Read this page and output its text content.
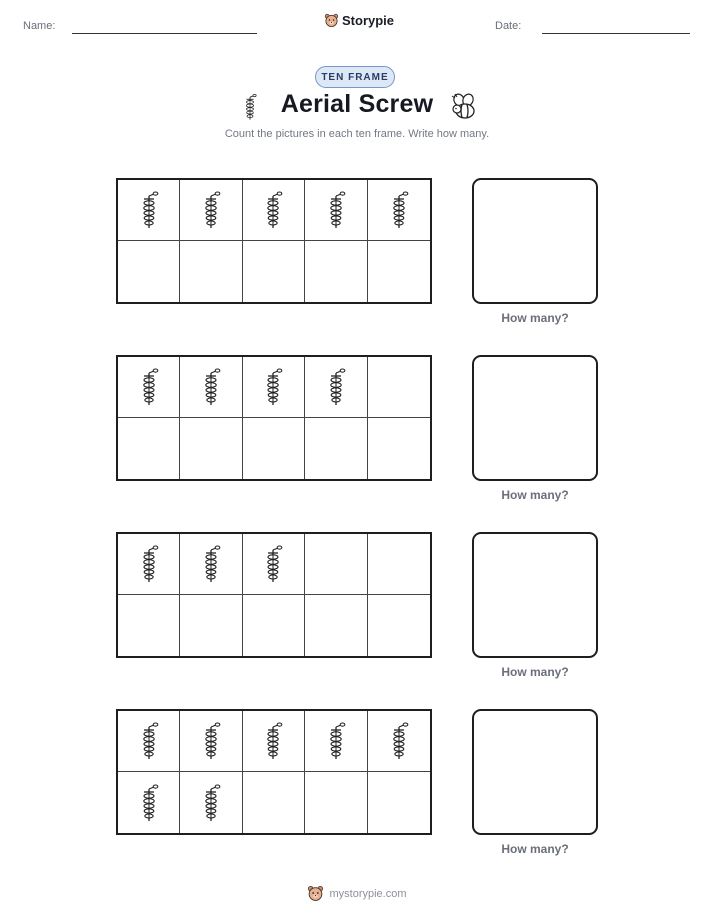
Name:	Storypie	Date:
TEN FRAME
Aerial Screw
Count the pictures in each ten frame. Write how many.
How many?
How many?
How many?
How many?
mystorypie.com
